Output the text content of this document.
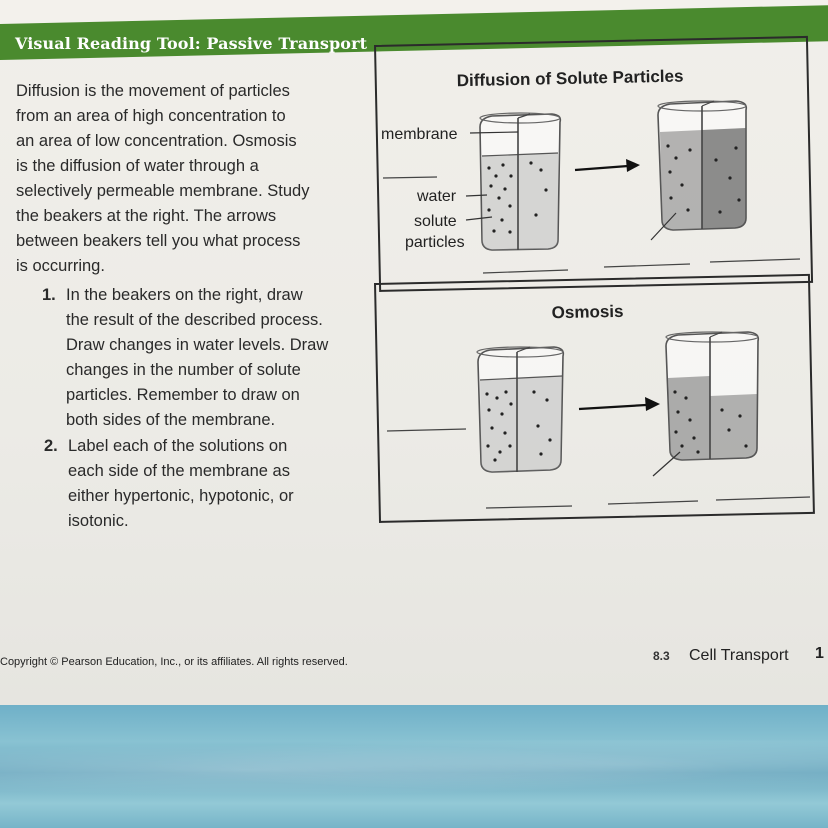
Visual Reading Tool: Passive Transport
Diffusion is the movement of particles
from an area of high concentration to
an area of low concentration. Osmosis
is the diffusion of water through a
selectively permeable membrane. Study
the beakers at the right. The arrows
between beakers tell you what process
is occurring.
1. In the beakers on the right, draw
the result of the described process.
Draw changes in water levels. Draw
changes in the number of solute
particles. Remember to draw on
both sides of the membrane.
2. Label each of the solutions on
each side of the membrane as
either hypertonic, hypotonic, or
isotonic.
Diffusion of Solute Particles
membrane
water
solute
particles
Osmosis
Copyright © Pearson Education, Inc., or its affiliates. All rights reserved.	8.3 Cell Transport 1
